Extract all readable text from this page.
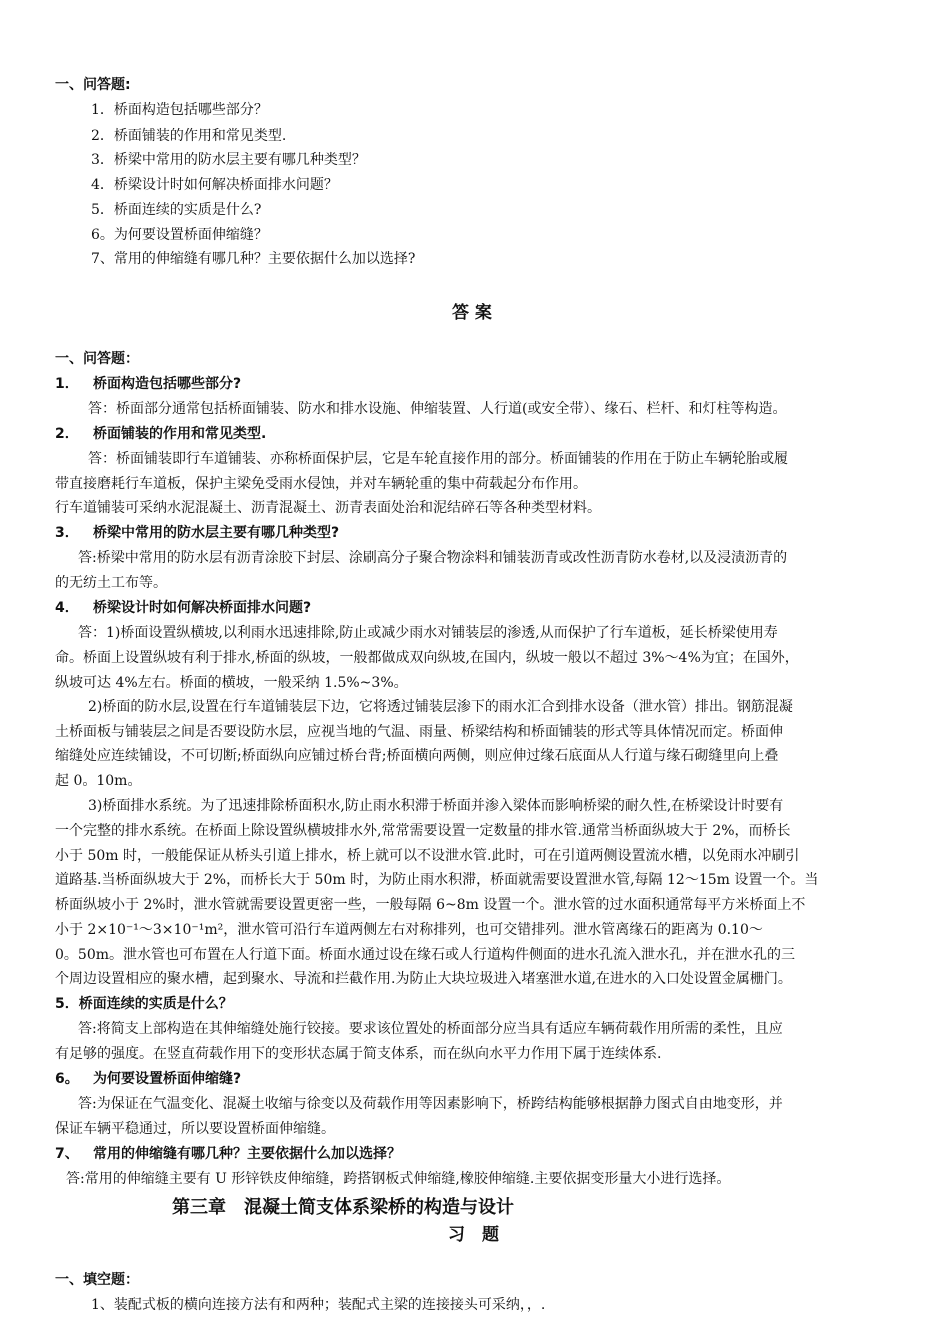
一、问答题:
1．桥面构造包括哪些部分？
2．桥面铺装的作用和常见类型.
3．桥梁中常用的防水层主要有哪几种类型？
4．桥梁设计时如何解决桥面排水问题？
5．桥面连续的实质是什么?
6。为何要设置桥面伸缩缝？
7、常用的伸缩缝有哪几种？主要依据什么加以选择?
答 案
一、问答题：
1． 桥面构造包括哪些部分?
答：桥面部分通常包括桥面铺装、防水和排水设施、伸缩装置、人行道(或安全带）、缘石、栏杆、和灯柱等构造。
2． 桥面铺装的作用和常见类型.
答：桥面铺装即行车道铺装、亦称桥面保护层，它是车轮直接作用的部分。桥面铺装的作用在于防止车辆轮胎或履
带直接磨耗行车道板，保护主梁免受雨水侵蚀，并对车辆轮重的集中荷载起分布作用。
行车道铺装可采纳水泥混凝土、沥青混凝土、沥青表面处治和泥结碎石等各种类型材料。
3． 桥梁中常用的防水层主要有哪几种类型?
答:桥梁中常用的防水层有沥青涂胶下封层、涂刷高分子聚合物涂料和铺装沥青或改性沥青防水卷材,以及浸渍沥青的
的无纺土工布等。
4． 桥梁设计时如何解决桥面排水问题?
答：1)桥面设置纵横坡,以利雨水迅速排除,防止或减少雨水对铺装层的渗透,从而保护了行车道板，延长桥梁使用寿
命。桥面上设置纵坡有利于排水,桥面的纵坡，一般都做成双向纵坡,在国内，纵坡一般以不超过 3%～4%为宜；在国外，
纵坡可达 4%左右。桥面的横坡，一般采纳 1.5%~3%。
2)桥面的防水层,设置在行车道铺装层下边，它将透过铺装层渗下的雨水汇合到排水设备（泄水管）排出。钢筋混凝
土桥面板与铺装层之间是否要设防水层，应视当地的气温、雨量、桥梁结构和桥面铺装的形式等具体情况而定。桥面伸
缩缝处应连续铺设，不可切断;桥面纵向应铺过桥台背;桥面横向两侧，则应伸过缘石底面从人行道与缘石砌缝里向上叠
起 0。10m。
3)桥面排水系统。为了迅速排除桥面积水,防止雨水积滞于桥面并渗入梁体而影响桥梁的耐久性,在桥梁设计时要有
一个完整的排水系统。在桥面上除设置纵横坡排水外,常常需要设置一定数量的排水管.通常当桥面纵坡大于 2%，而桥长
小于 50m 时，一般能保证从桥头引道上排水，桥上就可以不设泄水管.此时，可在引道两侧设置流水槽，以免雨水冲刷引
道路基.当桥面纵坡大于 2%，而桥长大于 50m 时，为防止雨水积滞，桥面就需要设置泄水管,每隔 12～15m 设置一个。当
桥面纵坡小于 2%时，泄水管就需要设置更密一些，一般每隔 6~8m 设置一个。泄水管的过水面积通常每平方米桥面上不
小于 2×10⁻¹～3×10⁻¹m²，泄水管可沿行车道两侧左右对称排列，也可交错排列。泄水管离缘石的距离为 0.10～
0。50m。泄水管也可布置在人行道下面。桥面水通过设在缘石或人行道构件侧面的进水孔流入泄水孔，并在泄水孔的三
个周边设置相应的聚水槽，起到聚水、导流和拦截作用.为防止大块垃圾进入堵塞泄水道,在进水的入口处设置金属栅门。
5．桥面连续的实质是什么？
答:将简支上部构造在其伸缩缝处施行铰接。要求该位置处的桥面部分应当具有适应车辆荷载作用所需的柔性，且应
有足够的强度。在竖直荷载作用下的变形状态属于简支体系，而在纵向水平力作用下属于连续体系.
6。 为何要设置桥面伸缩缝?
答:为保证在气温变化、混凝土收缩与徐变以及荷载作用等因素影响下，桥跨结构能够根据静力图式自由地变形，并
保证车辆平稳通过，所以要设置桥面伸缩缝。
7、 常用的伸缩缝有哪几种？主要依据什么加以选择？
答:常用的伸缩缝主要有 U 形锌铁皮伸缩缝，跨搭钢板式伸缩缝,橡胶伸缩缝.主要依据变形量大小进行选择。
第三章　混凝土简支体系梁桥的构造与设计
习　题
一、填空题：
1、装配式板的横向连接方法有和两种；装配式主梁的连接接头可采纳，，.
